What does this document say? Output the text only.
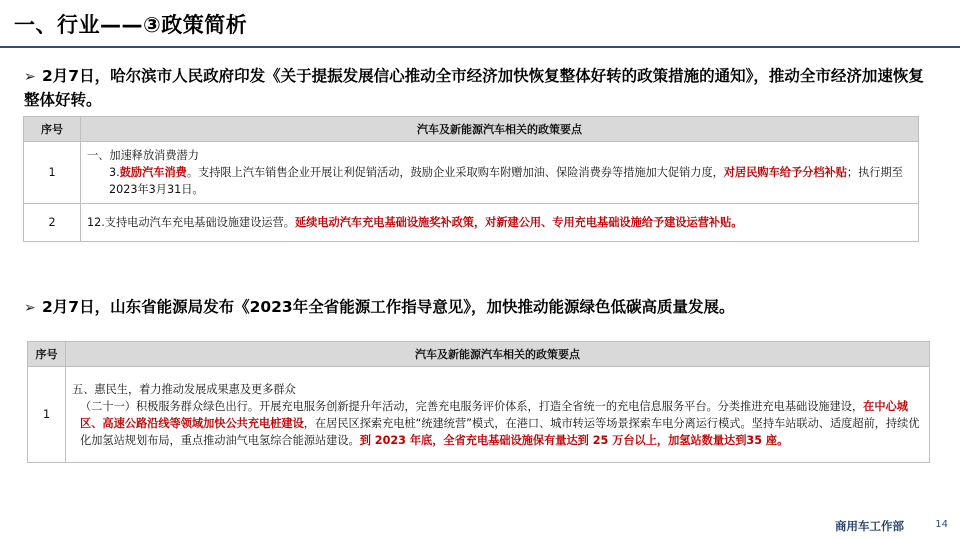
一、行业——③政策简析
➢ 2月7日，哈尔滨市人民政府印发《关于提振发展信心推动全市经济加快恢复整体好转的政策措施的通知》，推动全市经济加速恢复整体好转。
序号	汽车及新能源汽车相关的政策要点
1	一、加速释放消费潜力
3.鼓励汽车消费。支持限上汽车销售企业开展让利促销活动，鼓励企业采取购车附赠加油、保险消费券等措施加大促销力度，对居民购车给予分档补贴；执行期至2023年3月31日。

2	12.支持电动汽车充电基础设施建设运营。延续电动汽车充电基础设施奖补政策，对新建公用、专用充电基础设施给予建设运营补贴。
➢ 2月7日，山东省能源局发布《2023年全省能源工作指导意见》，加快推动能源绿色低碳高质量发展。
序号	汽车及新能源汽车相关的政策要点
1	五、惠民生，着力推动发展成果惠及更多群众
（二十一）积极服务群众绿色出行。开展充电服务创新提升年活动，完善充电服务评价体系，打造全省统一的充电信息服务平台。分类推进充电基础设施建设，在中心城区、高速公路沿线等领域加快公共充电桩建设，在居民区探索充电桩“统建统营”模式，在港口、城市转运等场景探索车电分离运行模式。坚持车站联动、适度超前，持续优化加氢站规划布局，重点推动油气电氢综合能源站建设。到 2023 年底，全省充电基础设施保有量达到 25 万台以上，加氢站数量达到35 座。
商用车工作部	14
